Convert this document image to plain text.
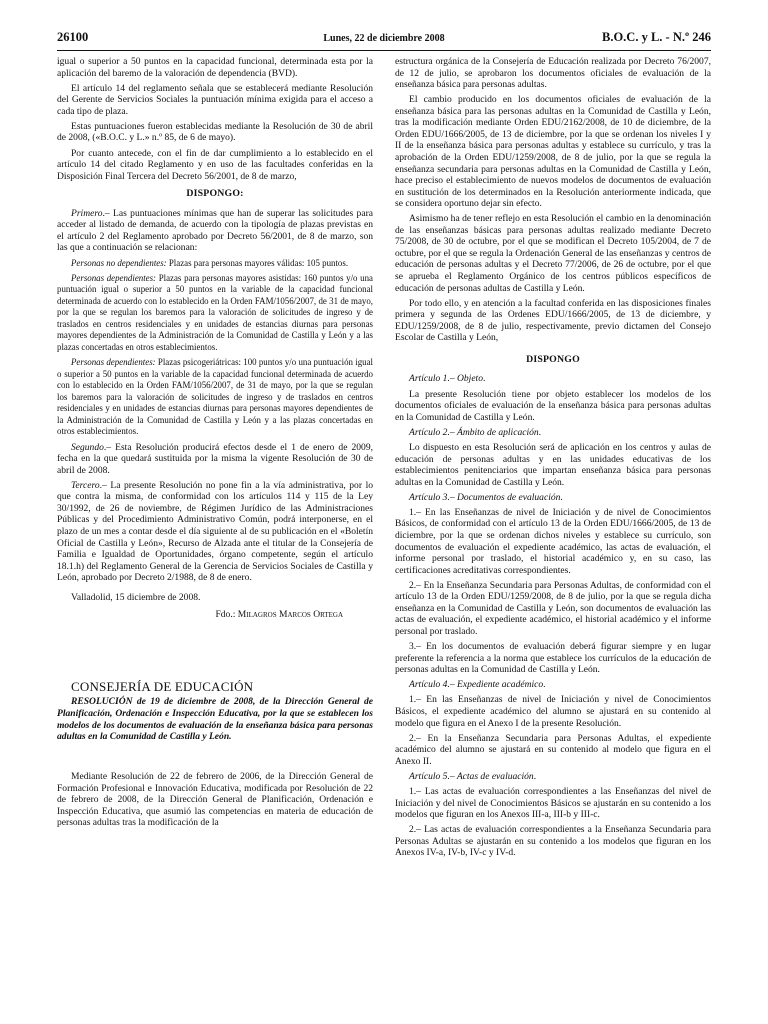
26100	Lunes, 22 de diciembre 2008	B.O.C. y L. - N.º 246

igual o superior a 50 puntos en la capacidad funcional, determinada esta por la aplicación del baremo de la valoración de dependencia (BVD).

El artículo 14 del reglamento señala que se establecerá mediante Resolución del Gerente de Servicios Sociales la puntuación mínima exigida para el acceso a cada tipo de plaza.

Estas puntuaciones fueron establecidas mediante la Resolución de 30 de abril de 2008, («B.O.C. y L.» n.º 85, de 6 de mayo).

Por cuanto antecede, con el fin de dar cumplimiento a lo establecido en el artículo 14 del citado Reglamento y en uso de las facultades conferidas en la Disposición Final Tercera del Decreto 56/2001, de 8 de marzo,

DISPONGO:

Primero.– Las puntuaciones mínimas que han de superar las solicitudes para acceder al listado de demanda, de acuerdo con la tipología de plazas previstas en el artículo 2 del Reglamento aprobado por Decreto 56/2001, de 8 de marzo, son las que a continuación se relacionan:

Personas no dependientes: Plazas para personas mayores válidas: 105 puntos.

Personas dependientes: Plazas para personas mayores asistidas: 160 puntos y/o una puntuación igual o superior a 50 puntos en la variable de la capacidad funcional determinada de acuerdo con lo establecido en la Orden FAM/1056/2007, de 31 de mayo, por la que se regulan los baremos para la valoración de solicitudes de ingreso y de traslados en centros residenciales y en unidades de estancias diurnas para personas mayores dependientes de la Administración de la Comunidad de Castilla y León y a las plazas concertadas en otros establecimientos.

Personas dependientes: Plazas psicogeriátricas: 100 puntos y/o una puntuación igual o superior a 50 puntos en la variable de la capacidad funcional determinada de acuerdo con lo establecido en la Orden FAM/1056/2007, de 31 de mayo, por la que se regulan los baremos para la valoración de solicitudes de ingreso y de traslados en centros residenciales y en unidades de estancias diurnas para personas mayores dependientes de la Administración de la Comunidad de Castilla y León y a las plazas concertadas en otros establecimientos.

Segundo.– Esta Resolución producirá efectos desde el 1 de enero de 2009, fecha en la que quedará sustituida por la misma la vigente Resolución de 30 de abril de 2008.

Tercero.– La presente Resolución no pone fin a la vía administrativa, por lo que contra la misma, de conformidad con los artículos 114 y 115 de la Ley 30/1992, de 26 de noviembre, de Régimen Jurídico de las Administraciones Públicas y del Procedimiento Administrativo Común, podrá interponerse, en el plazo de un mes a contar desde el día siguiente al de su publicación en el «Boletín Oficial de Castilla y León», Recurso de Alzada ante el titular de la Consejería de Familia e Igualdad de Oportunidades, órgano competente, según el artículo 18.1.h) del Reglamento General de la Gerencia de Servicios Sociales de Castilla y León, aprobado por Decreto 2/1988, de 8 de enero.

Valladolid, 15 diciembre de 2008.

Fdo.: Milagros Marcos Ortega

CONSEJERÍA DE EDUCACIÓN

RESOLUCIÓN de 19 de diciembre de 2008, de la Dirección General de Planificación, Ordenación e Inspección Educativa, por la que se establecen los modelos de los documentos de evaluación de la enseñanza básica para personas adultas en la Comunidad de Castilla y León.

Mediante Resolución de 22 de febrero de 2006, de la Dirección General de Formación Profesional e Innovación Educativa, modificada por Resolución de 22 de febrero de 2008, de la Dirección General de Planificación, Ordenación e Inspección Educativa, que asumió las competencias en materia de educación de personas adultas tras la modificación de la

estructura orgánica de la Consejería de Educación realizada por Decreto 76/2007, de 12 de julio, se aprobaron los documentos oficiales de evaluación de la enseñanza básica para personas adultas.

El cambio producido en los documentos oficiales de evaluación de la enseñanza básica para las personas adultas en la Comunidad de Castilla y León, tras la modificación mediante Orden EDU/2162/2008, de 10 de diciembre, de la Orden EDU/1666/2005, de 13 de diciembre, por la que se ordenan los niveles I y II de la enseñanza básica para personas adultas y establece su currículo, y tras la aprobación de la Orden EDU/1259/2008, de 8 de julio, por la que se regula la enseñanza secundaria para personas adultas en la Comunidad de Castilla y León, hace preciso el establecimiento de nuevos modelos de documentos de evaluación en sustitución de los determinados en la Resolución anteriormente indicada, que se considera oportuno dejar sin efecto.

Asimismo ha de tener reflejo en esta Resolución el cambio en la denominación de las enseñanzas básicas para personas adultas realizado mediante Decreto 75/2008, de 30 de octubre, por el que se modifican el Decreto 105/2004, de 7 de octubre, por el que se regula la Ordenación General de las enseñanzas y centros de educación de personas adultas y el Decreto 77/2006, de 26 de octubre, por el que se aprueba el Reglamento Orgánico de los centros públicos específicos de educación de personas adultas de Castilla y León.

Por todo ello, y en atención a la facultad conferida en las disposiciones finales primera y segunda de las Ordenes EDU/1666/2005, de 13 de diciembre, y EDU/1259/2008, de 8 de julio, respectivamente, previo dictamen del Consejo Escolar de Castilla y León,

DISPONGO

Artículo 1.– Objeto.

La presente Resolución tiene por objeto establecer los modelos de los documentos oficiales de evaluación de la enseñanza básica para personas adultas en la Comunidad de Castilla y León.

Artículo 2.– Ámbito de aplicación.

Lo dispuesto en esta Resolución será de aplicación en los centros y aulas de educación de personas adultas y en las unidades educativas de los establecimientos penitenciarios que impartan enseñanza básica para personas adultas en la Comunidad de Castilla y León.

Artículo 3.– Documentos de evaluación.

1.– En las Enseñanzas de nivel de Iniciación y de nivel de Conocimientos Básicos, de conformidad con el artículo 13 de la Orden EDU/1666/2005, de 13 de diciembre, por la que se ordenan dichos niveles y establece su currículo, son documentos de evaluación el expediente académico, las actas de evaluación, el informe personal por traslado, el historial académico y, en su caso, las certificaciones acreditativas correspondientes.

2.– En la Enseñanza Secundaria para Personas Adultas, de conformidad con el artículo 13 de la Orden EDU/1259/2008, de 8 de julio, por la que se regula dicha enseñanza en la Comunidad de Castilla y León, son documentos de evaluación las actas de evaluación, el expediente académico, el historial académico y el informe personal por traslado.

3.– En los documentos de evaluación deberá figurar siempre y en lugar preferente la referencia a la norma que establece los currículos de la educación de personas adultas en la Comunidad de Castilla y León.

Artículo 4.– Expediente académico.

1.– En las Enseñanzas de nivel de Iniciación y nivel de Conocimientos Básicos, el expediente académico del alumno se ajustará en su contenido al modelo que figura en el Anexo I de la presente Resolución.

2.– En la Enseñanza Secundaria para Personas Adultas, el expediente académico del alumno se ajustará en su contenido al modelo que figura en el Anexo II.

Artículo 5.– Actas de evaluación.

1.– Las actas de evaluación correspondientes a las Enseñanzas del nivel de Iniciación y del nivel de Conocimientos Básicos se ajustarán en su contenido a los modelos que figuran en los Anexos III-a, III-b y III-c.

2.– Las actas de evaluación correspondientes a la Enseñanza Secundaria para Personas Adultas se ajustarán en su contenido a los modelos que figuran en los Anexos IV-a, IV-b, IV-c y IV-d.
